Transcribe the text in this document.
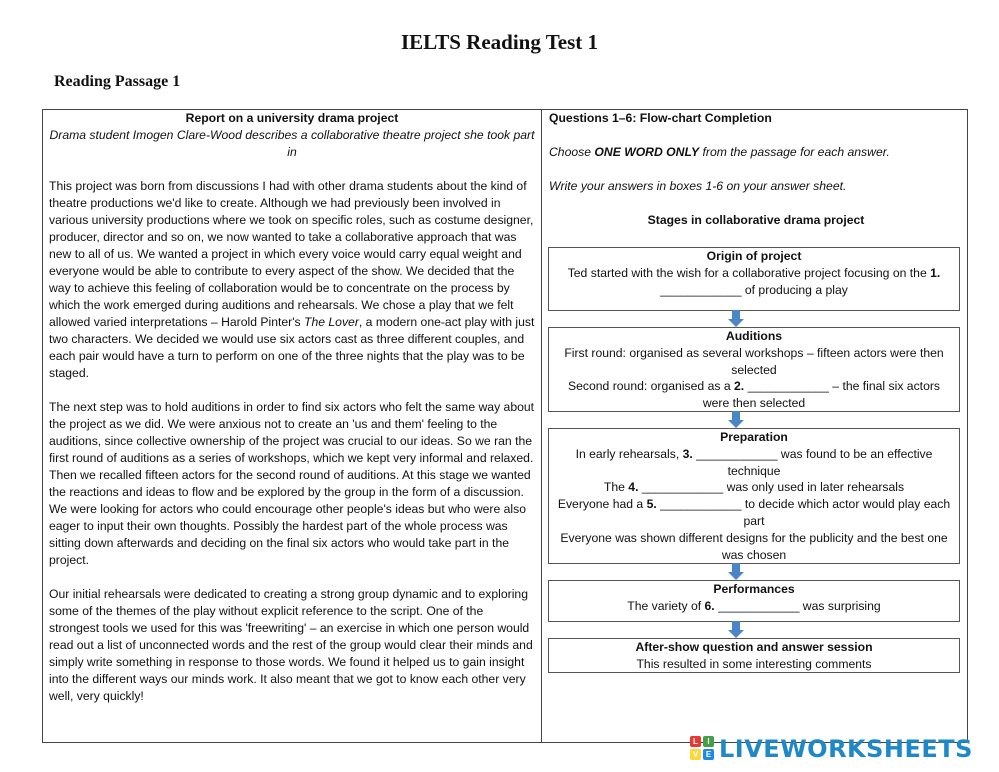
IELTS Reading Test 1
Reading Passage 1
Report on a university drama project
Drama student Imogen Clare-Wood describes a collaborative theatre project she took part in

This project was born from discussions I had with other drama students about the kind of theatre productions we'd like to create. Although we had previously been involved in various university productions where we took on specific roles, such as costume designer, producer, director and so on, we now wanted to take a collaborative approach that was new to all of us. We wanted a project in which every voice would carry equal weight and everyone would be able to contribute to every aspect of the show. We decided that the way to achieve this feeling of collaboration would be to concentrate on the process by which the work emerged during auditions and rehearsals. We chose a play that we felt allowed varied interpretations – Harold Pinter's The Lover, a modern one-act play with just two characters. We decided we would use six actors cast as three different couples, and each pair would have a turn to perform on one of the three nights that the play was to be staged.

The next step was to hold auditions in order to find six actors who felt the same way about the project as we did. We were anxious not to create an 'us and them' feeling to the auditions, since collective ownership of the project was crucial to our ideas. So we ran the first round of auditions as a series of workshops, which we kept very informal and relaxed. Then we recalled fifteen actors for the second round of auditions. At this stage we wanted the reactions and ideas to flow and be explored by the group in the form of a discussion. We were looking for actors who could encourage other people's ideas but who were also eager to input their own thoughts. Possibly the hardest part of the whole process was sitting down afterwards and deciding on the final six actors who would take part in the project.

Our initial rehearsals were dedicated to creating a strong group dynamic and to exploring some of the themes of the play without explicit reference to the script. One of the strongest tools we used for this was 'freewriting' – an exercise in which one person would read out a list of unconnected words and the rest of the group would clear their minds and simply write something in response to those words. We found it helped us to gain insight into the different ways our minds work. It also meant that we got to know each other very well, very quickly!

Questions 1–6: Flow-chart Completion

Choose ONE WORD ONLY from the passage for each answer.

Write your answers in boxes 1-6 on your answer sheet.

Stages in collaborative drama project
Origin of project
Ted started with the wish for a collaborative project focusing on the 1. ____________ of producing a play
Auditions
First round: organised as several workshops – fifteen actors were then selected
Second round: organised as a 2. ____________ – the final six actors were then selected
Preparation
In early rehearsals, 3. ____________ was found to be an effective technique
The 4. ____________ was only used in later rehearsals
Everyone had a 5. ____________ to decide which actor would play each part
Everyone was shown different designs for the publicity and the best one was chosen
Performances
The variety of 6. ____________ was surprising
After-show question and answer session
This resulted in some interesting comments
L	I
V E LIVEWORKSHEETS
